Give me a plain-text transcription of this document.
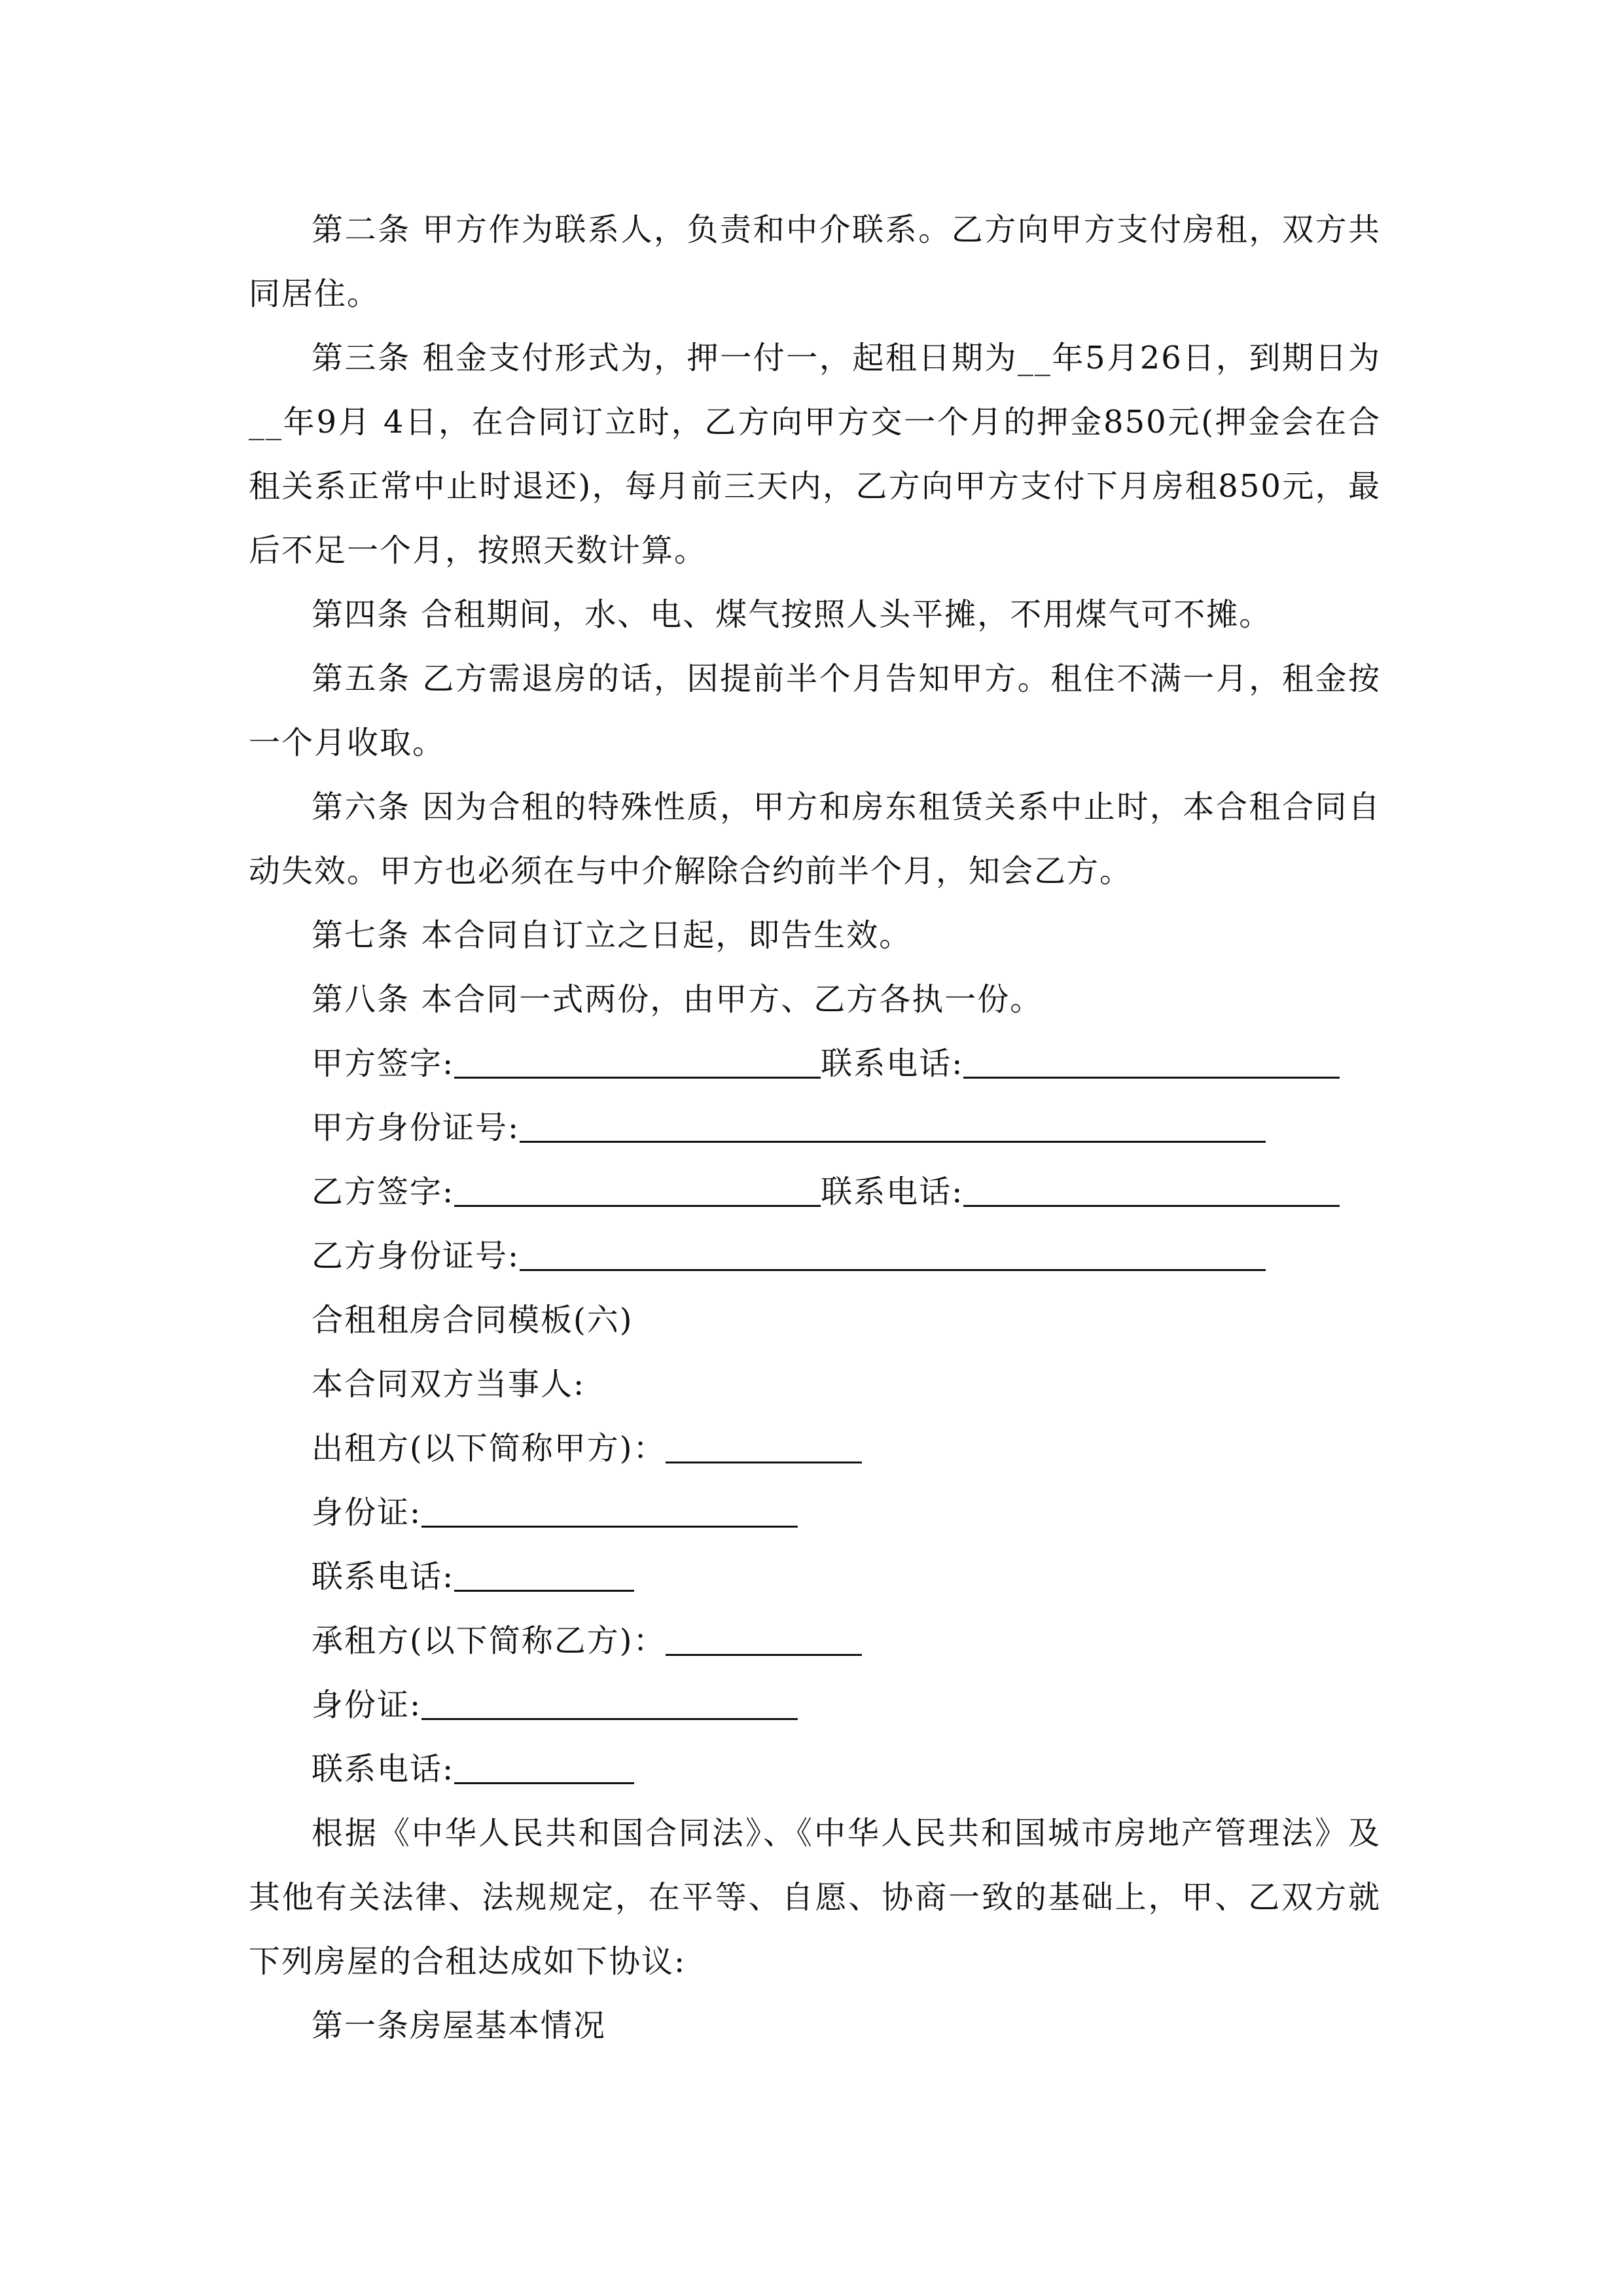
第二条 甲方作为联系人，负责和中介联系。乙方向甲方支付房租，双方共同居住。

第三条 租金支付形式为，押一付一，起租日期为__年5月26日，到期日为__年9月 4日，在合同订立时，乙方向甲方交一个月的押金850元(押金会在合租关系正常中止时退还)，每月前三天内，乙方向甲方支付下月房租850元，最后不足一个月，按照天数计算。

第四条 合租期间，水、电、煤气按照人头平摊，不用煤气可不摊。

第五条 乙方需退房的话，因提前半个月告知甲方。租住不满一月，租金按一个月收取。

第六条 因为合租的特殊性质，甲方和房东租赁关系中止时，本合租合同自动失效。甲方也必须在与中介解除合约前半个月，知会乙方。

第七条 本合同自订立之日起，即告生效。

第八条 本合同一式两份，由甲方、乙方各执一份。

甲方签字:	联系电话:
甲方身份证号:
乙方签字:	联系电话:
乙方身份证号:
合租租房合同模板(六)
本合同双方当事人:
出租方(以下简称甲方)：
身份证:
联系电话:
承租方(以下简称乙方)：
身份证:
联系电话:

根据《中华人民共和国合同法》、《中华人民共和国城市房地产管理法》及其他有关法律、法规规定，在平等、自愿、协商一致的基础上，甲、乙双方就下列房屋的合租达成如下协议:

第一条房屋基本情况
